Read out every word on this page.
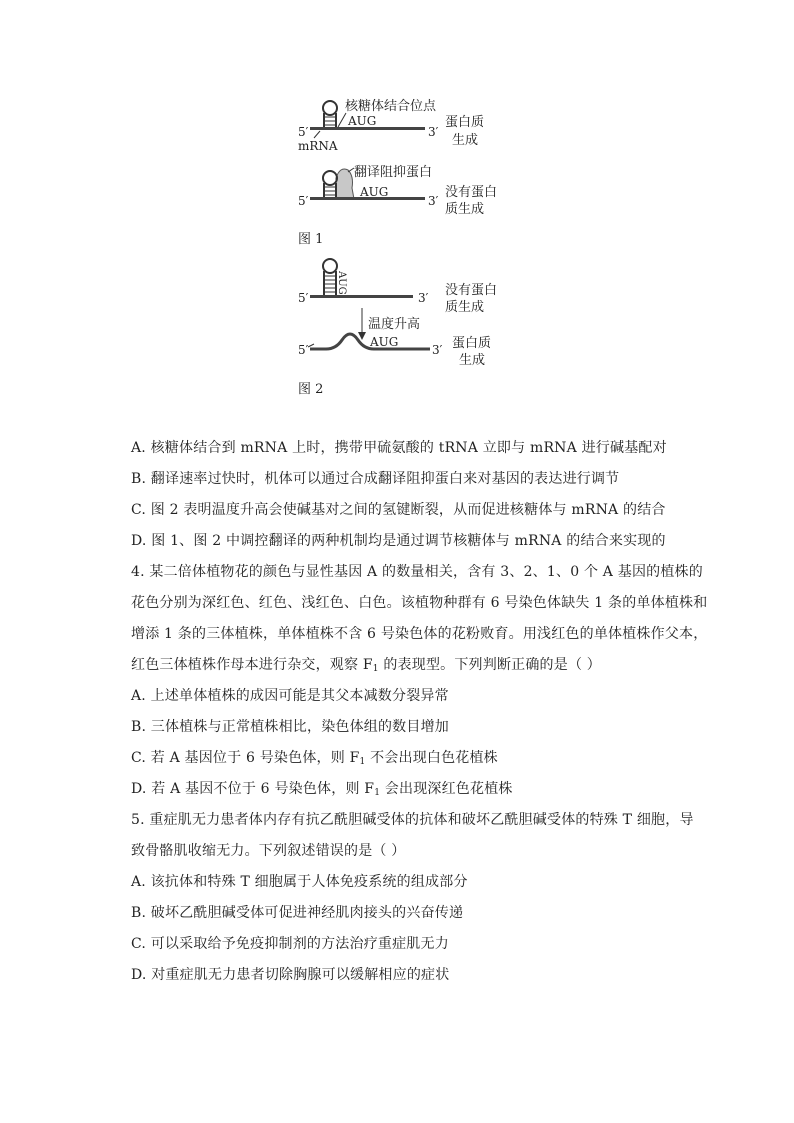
核糖体结合位点
5′
AUG
3′
mRNA
蛋白质
生成
翻译阻抑蛋白
5′
AUG
3′
没有蛋白
质生成
图 1
AUG
5′	3′ 没有蛋白
质生成
温度升高
5′
AUG
3′ 蛋白质
生成
图 2
A. 核糖体结合到 mRNA 上时，携带甲硫氨酸的 tRNA 立即与 mRNA 进行碱基配对
B. 翻译速率过快时，机体可以通过合成翻译阻抑蛋白来对基因的表达进行调节
C. 图 2 表明温度升高会使碱基对之间的氢键断裂，从而促进核糖体与 mRNA 的结合
D. 图 1、图 2 中调控翻译的两种机制均是通过调节核糖体与 mRNA 的结合来实现的
4. 某二倍体植物花的颜色与显性基因 A 的数量相关，含有 3、2、1、0 个 A 基因的植株的
花色分别为深红色、红色、浅红色、白色。该植物种群有 6 号染色体缺失 1 条的单体植株和
增添 1 条的三体植株，单体植株不含 6 号染色体的花粉败育。用浅红色的单体植株作父本，
红色三体植株作母本进行杂交，观察 $F_1$ 的表现型。下列判断正确的是（ ）
A. 上述单体植株的成因可能是其父本减数分裂异常
B. 三体植株与正常植株相比，染色体组的数目增加
C. 若 A 基因位于 6 号染色体，则 $F_1$ 不会出现白色花植株
D. 若 A 基因不位于 6 号染色体，则 $F_1$ 会出现深红色花植株
5. 重症肌无力患者体内存有抗乙酰胆碱受体的抗体和破坏乙酰胆碱受体的特殊 T 细胞，导
致骨骼肌收缩无力。下列叙述错误的是（ ）
A. 该抗体和特殊 T 细胞属于人体免疫系统的组成部分
B. 破坏乙酰胆碱受体可促进神经肌肉接头的兴奋传递
C. 可以采取给予免疫抑制剂的方法治疗重症肌无力
D. 对重症肌无力患者切除胸腺可以缓解相应的症状
